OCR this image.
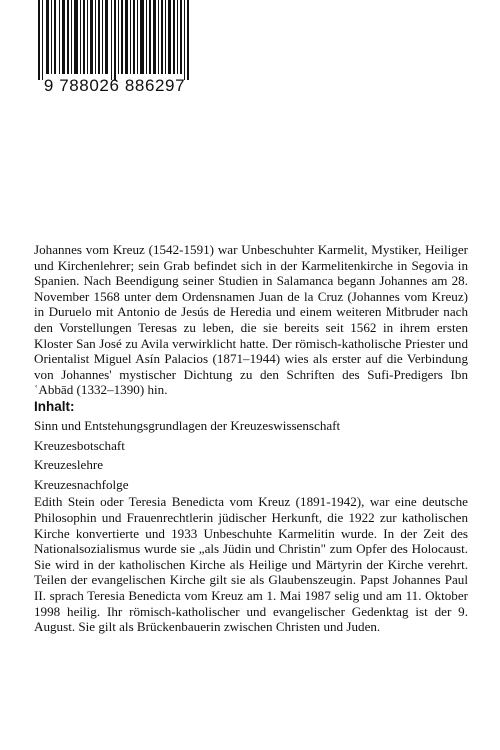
9 788026 886297

Johannes vom Kreuz (1542-1591) war Unbeschuhter Karmelit, Mystiker, Heiliger und Kirchenlehrer; sein Grab befindet sich in der Karmelitenkirche in Segovia in Spanien. Nach Beendigung seiner Studien in Salamanca begann Johannes am 28. November 1568 unter dem Ordensnamen Juan de la Cruz (Johannes vom Kreuz) in Duruelo mit Antonio de Jesús de Heredia und einem weiteren Mitbruder nach den Vorstellungen Teresas zu leben, die sie bereits seit 1562 in ihrem ersten Kloster San José zu Avila verwirklicht hatte. Der römisch-katholische Priester und Orientalist Miguel Asín Palacios (1871–1944) wies als erster auf die Verbindung von Johannes' mystischer Dichtung zu den Schriften des Sufi-Predigers Ibn ʿAbbād (1332–1390) hin.

Inhalt:
Sinn und Entstehungsgrundlagen der Kreuzeswissenschaft
Kreuzesbotschaft
Kreuzeslehre
Kreuzesnachfolge

Edith Stein oder Teresia Benedicta vom Kreuz (1891-1942), war eine deutsche Philosophin und Frauenrechtlerin jüdischer Herkunft, die 1922 zur katholischen Kirche konvertierte und 1933 Unbeschuhte Karmelitin wurde. In der Zeit des Nationalsozialismus wurde sie „als Jüdin und Christin" zum Opfer des Holocaust. Sie wird in der katholischen Kirche als Heilige und Märtyrin der Kirche verehrt. Teilen der evangelischen Kirche gilt sie als Glaubenszeugin. Papst Johannes Paul II. sprach Teresia Benedicta vom Kreuz am 1. Mai 1987 selig und am 11. Oktober 1998 heilig. Ihr römisch-katholischer und evangelischer Gedenktag ist der 9. August. Sie gilt als Brückenbauerin zwischen Christen und Juden.
